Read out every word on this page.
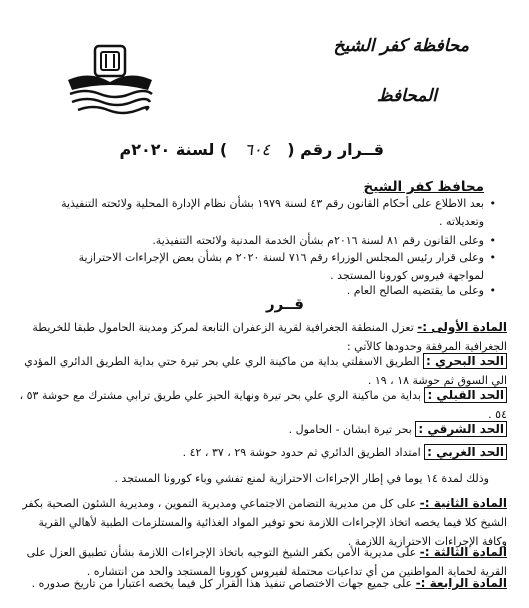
محافظة كفر الشيخ
المحافظ
قــرار رقم (٦٠٤) لسنة ٢٠٢٠م
محافظ كفر الشيخ
• بعد الاطلاع على أحكام القانون رقم ٤٣ لسنة ١٩٧٩ بشأن نظام الإدارة المحلية ولائحته التنفيذية وتعديلاته .
• وعلى القانون رقم ٨١ لسنة ٢٠١٦م بشأن الخدمة المدنية ولائحته التنفيذية.
• وعلى قرار رئيس المجلس الوزراء رقم ٧١٦ لسنة ٢٠٢٠ م بشأن بعض الإجراءات الاحترازية لمواجهة فيروس كورونا المستجد .
• وعلى ما يقتضيه الصالح العام .
قــرر
المادة الأولى :- تعزل المنطقة الجغرافية لقرية الزعفران التابعة لمركز ومدينة الحامول طبقا للخريطة الجغرافية المرفقة وحدودها كالآتي :
الحد البحري : الطريق الاسفلتي بداية من ماكينة الري علي بحر تيرة حتي بداية الطريق الدائري المؤدي الي السوق ثم حوشة ١٨ ، ١٩ .
الحد القبلي : بداية من ماكينة الري علي بحر تيرة ونهاية الحيز علي طريق ترابي مشترك مع حوشة ٥٣ ، ٥٤ .
الحد الشرقي : بحر تيرة ابشان - الحامول .
الحد الغربي : امتداد الطريق الدائري ثم حدود حوشة ٢٩ ، ٣٧ ، ٤٢ .
وذلك لمدة ١٤ يوما في إطار الإجراءات الاحترازية لمنع تفشي وباء كورونا المستجد .
المادة الثانية :- على كل من مديرية التضامن الاجتماعي ومديرية التموين ، ومديرية الشئون الصحية بكفر الشيخ كلا فيما يخصه اتخاذ الإجراءات اللازمة نحو توفير المواد الغذائية والمستلزمات الطبية لأهالي القرية وكافة الإجراءات الاحترازية اللازمة .
المادة الثالثة :- على مديرية الأمن بكفر الشيخ التوجيه باتخاذ الإجراءات اللازمة بشأن تطبيق العزل على القرية لحماية المواطنين من أي تداعيات محتملة لفيروس كورونا المستجد والحد من انتشاره .
المادة الرابعة :- على جميع جهات الاختصاص تنفيذ هذا القرار كل فيما يخصه اعتبارا من تاريخ صدوره .
